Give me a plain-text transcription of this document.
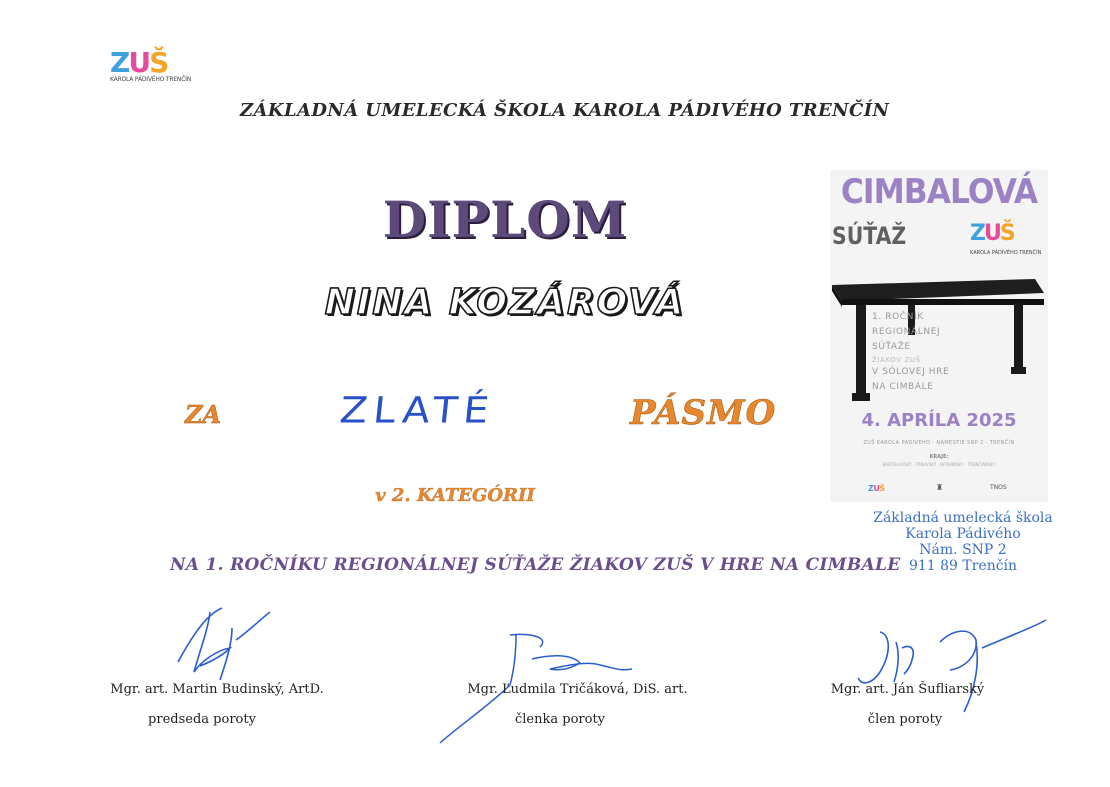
ZUŠ
KAROLA PÁDIVÉHO TRENČÍN
ZÁKLADNÁ UMELECKÁ ŠKOLA KAROLA PÁDIVÉHO TRENČÍN
DIPLOM
NINA KOZÁROVÁ
ZA	ZLATÉ	PÁSMO
v 2. KATEGÓRII
NA 1. ROČNÍKU REGIONÁLNEJ SÚŤAŽE ŽIAKOV ZUŠ V HRE NA CIMBALE
CIMBALOVÁ
SÚŤAŽ	ZUŠ
KAROLA PÁDIVÉHO TRENČÍN
1. ROČNÍK
REGIONÁLNEJ
SÚŤAŽE
ŽIAKOV ZUŠ
V SÓLOVEJ HRE
NA CIMBALE
4. APRÍLA 2025
ZUŠ KAROLA PÁDIVÉHO · NÁMESTIE SNP 2 · TRENČÍN
KRAJE:
BRATISLAVSKÝ · TRNAVSKÝ · NITRIANSKY · TRENČIANSKY
ZUŠ	♜	TNOS
Základná umelecká škola
Karola Pádivého
Nám. SNP 2
911 89 Trenčín
Mgr. art. Martin Budinský, ArtD.
predseda poroty
Mgr. Ľudmila Tričáková, DiS. art.
členka poroty
Mgr. art. Ján Šufliarský
člen poroty
